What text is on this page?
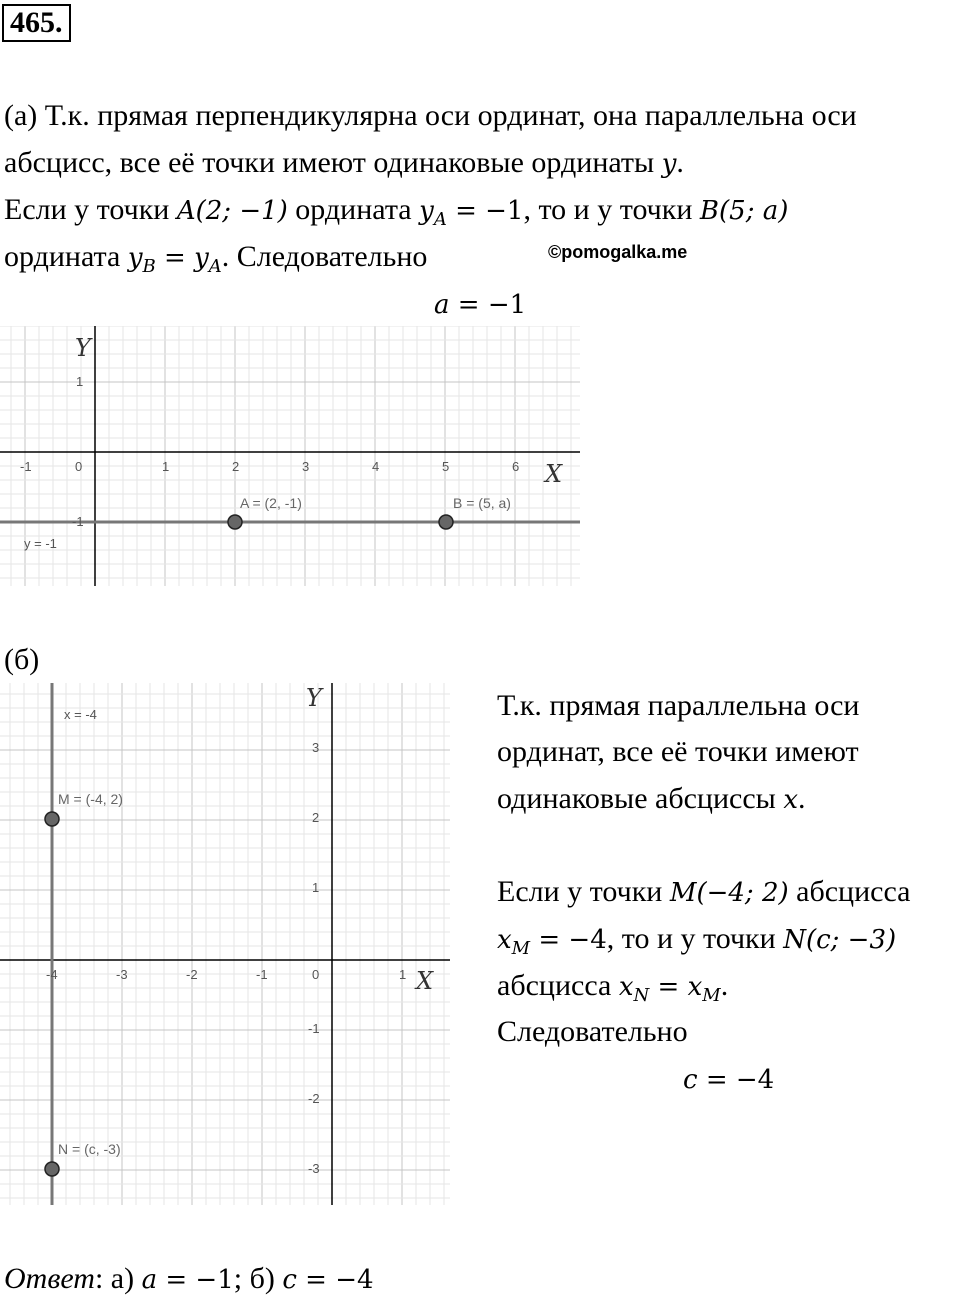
465.
(а) Т.к. прямая перпендикулярна оси ординат, она параллельна оси
абсцисс, все её точки имеют одинаковые ординаты y.
Если у точки A(2; −1) ордината $y_A = -1$, то и у точки B(5; a)
ордината $y_B = y_A$. Следовательно	©pomogalka.me
a = −1
-1	0	1	2	3	4	5	6
1
-1
Y
X
y = -1
A = (2, -1)	B = (5, a)
(б)
-4	-3	-2	-1	0	1
3
2
1
-1
-2
-3
Y
X
x = -4
M = (-4, 2)
N = (c, -3)
Т.к. прямая параллельна оси
ординат, все её точки имеют
одинаковые абсциссы x.
Если у точки M(−4; 2) абсцисса
$x_M = -4$, то и у точки N(c; −3)
абсцисса $x_N = x_M$.
Следовательно
c = −4
Ответ: а) a = −1; б) c = −4
